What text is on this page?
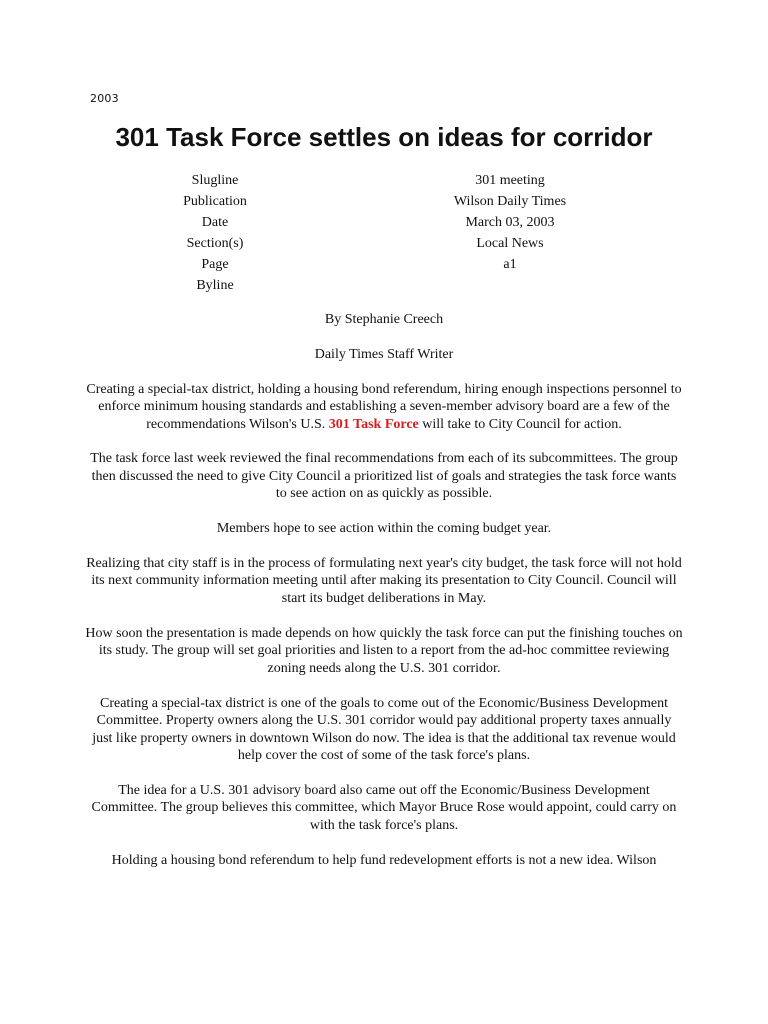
2003
301 Task Force settles on ideas for corridor
Slugline	301 meeting
Publication	Wilson Daily Times
Date	March 03, 2003
Section(s)	Local News
Page	a1
Byline

By Stephanie Creech

Daily Times Staff Writer

Creating a special-tax district, holding a housing bond referendum, hiring enough inspections personnel to enforce minimum housing standards and establishing a seven-member advisory board are a few of the recommendations Wilson's U.S. 301 Task Force will take to City Council for action.

The task force last week reviewed the final recommendations from each of its subcommittees. The group then discussed the need to give City Council a prioritized list of goals and strategies the task force wants to see action on as quickly as possible.

Members hope to see action within the coming budget year.

Realizing that city staff is in the process of formulating next year's city budget, the task force will not hold its next community information meeting until after making its presentation to City Council. Council will start its budget deliberations in May.

How soon the presentation is made depends on how quickly the task force can put the finishing touches on its study. The group will set goal priorities and listen to a report from the ad-hoc committee reviewing zoning needs along the U.S. 301 corridor.

Creating a special-tax district is one of the goals to come out of the Economic/Business Development Committee. Property owners along the U.S. 301 corridor would pay additional property taxes annually just like property owners in downtown Wilson do now. The idea is that the additional tax revenue would help cover the cost of some of the task force's plans.

The idea for a U.S. 301 advisory board also came out off the Economic/Business Development Committee. The group believes this committee, which Mayor Bruce Rose would appoint, could carry on with the task force's plans.

Holding a housing bond referendum to help fund redevelopment efforts is not a new idea. Wilson
